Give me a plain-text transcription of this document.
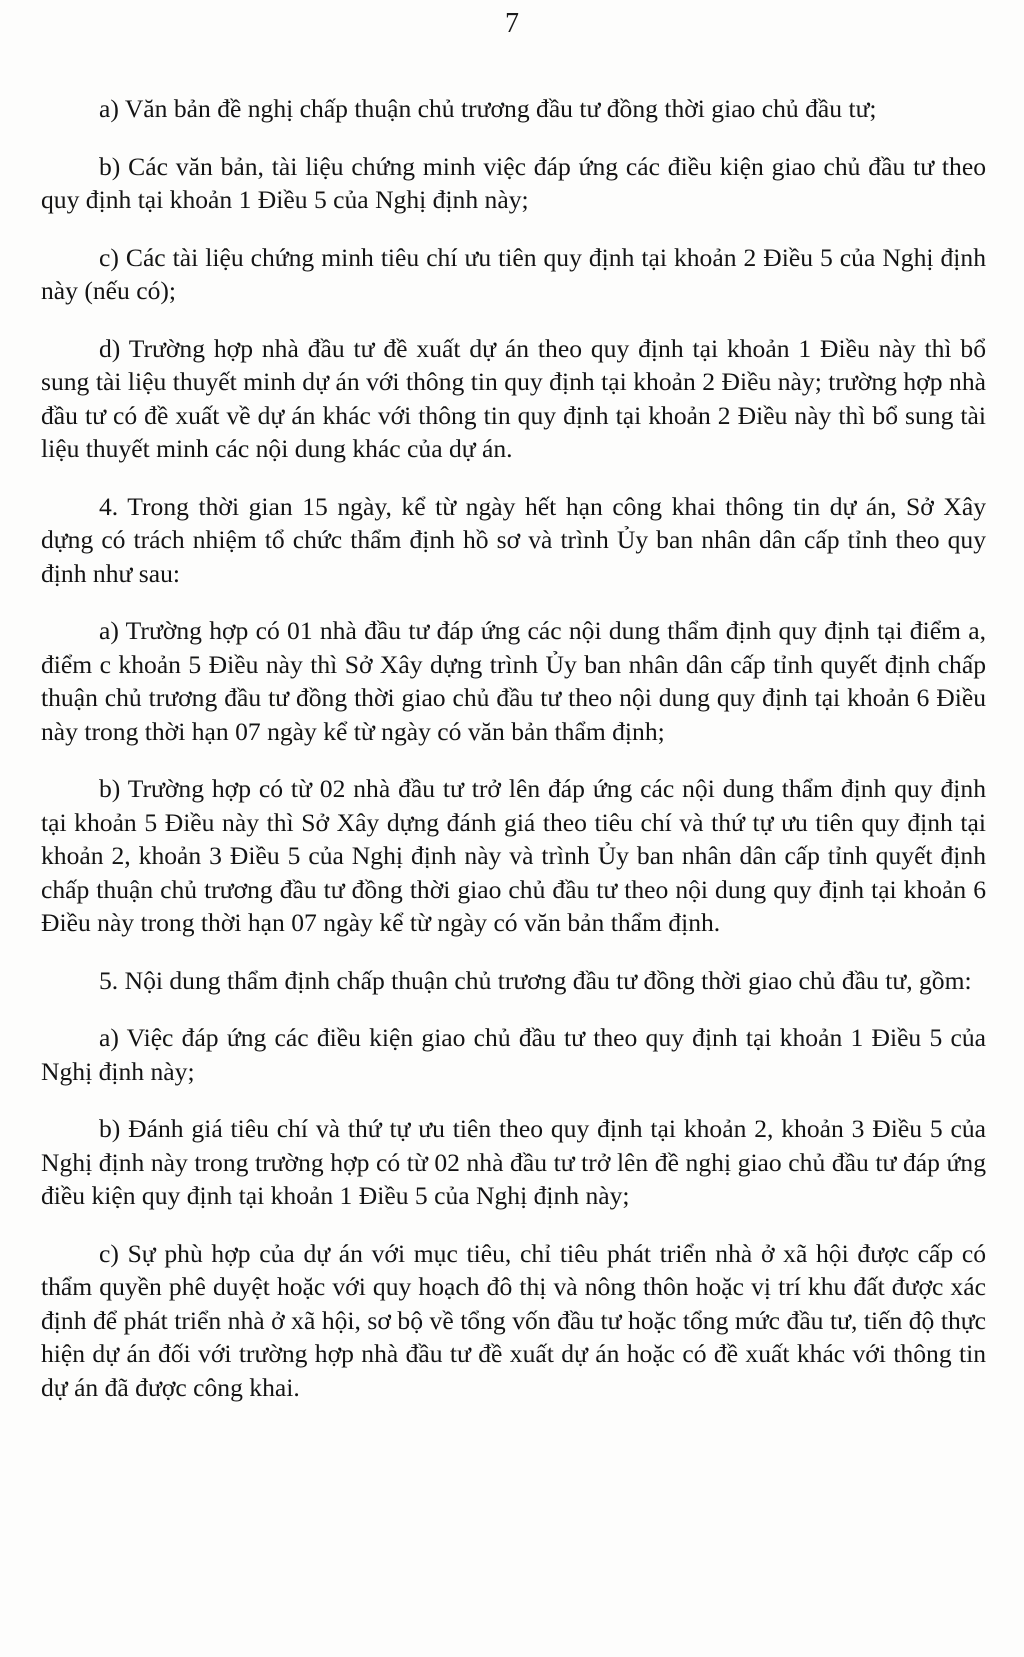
7

a) Văn bản đề nghị chấp thuận chủ trương đầu tư đồng thời giao chủ đầu tư;

b) Các văn bản, tài liệu chứng minh việc đáp ứng các điều kiện giao chủ đầu tư theo quy định tại khoản 1 Điều 5 của Nghị định này;

c) Các tài liệu chứng minh tiêu chí ưu tiên quy định tại khoản 2 Điều 5 của Nghị định này (nếu có);

d) Trường hợp nhà đầu tư đề xuất dự án theo quy định tại khoản 1 Điều này thì bổ sung tài liệu thuyết minh dự án với thông tin quy định tại khoản 2 Điều này; trường hợp nhà đầu tư có đề xuất về dự án khác với thông tin quy định tại khoản 2 Điều này thì bổ sung tài liệu thuyết minh các nội dung khác của dự án.

4. Trong thời gian 15 ngày, kể từ ngày hết hạn công khai thông tin dự án, Sở Xây dựng có trách nhiệm tổ chức thẩm định hồ sơ và trình Ủy ban nhân dân cấp tỉnh theo quy định như sau:

a) Trường hợp có 01 nhà đầu tư đáp ứng các nội dung thẩm định quy định tại điểm a, điểm c khoản 5 Điều này thì Sở Xây dựng trình Ủy ban nhân dân cấp tỉnh quyết định chấp thuận chủ trương đầu tư đồng thời giao chủ đầu tư theo nội dung quy định tại khoản 6 Điều này trong thời hạn 07 ngày kể từ ngày có văn bản thẩm định;

b) Trường hợp có từ 02 nhà đầu tư trở lên đáp ứng các nội dung thẩm định quy định tại khoản 5 Điều này thì Sở Xây dựng đánh giá theo tiêu chí và thứ tự ưu tiên quy định tại khoản 2, khoản 3 Điều 5 của Nghị định này và trình Ủy ban nhân dân cấp tỉnh quyết định chấp thuận chủ trương đầu tư đồng thời giao chủ đầu tư theo nội dung quy định tại khoản 6 Điều này trong thời hạn 07 ngày kể từ ngày có văn bản thẩm định.

5. Nội dung thẩm định chấp thuận chủ trương đầu tư đồng thời giao chủ đầu tư, gồm:

a) Việc đáp ứng các điều kiện giao chủ đầu tư theo quy định tại khoản 1 Điều 5 của Nghị định này;

b) Đánh giá tiêu chí và thứ tự ưu tiên theo quy định tại khoản 2, khoản 3 Điều 5 của Nghị định này trong trường hợp có từ 02 nhà đầu tư trở lên đề nghị giao chủ đầu tư đáp ứng điều kiện quy định tại khoản 1 Điều 5 của Nghị định này;

c) Sự phù hợp của dự án với mục tiêu, chỉ tiêu phát triển nhà ở xã hội được cấp có thẩm quyền phê duyệt hoặc với quy hoạch đô thị và nông thôn hoặc vị trí khu đất được xác định để phát triển nhà ở xã hội, sơ bộ về tổng vốn đầu tư hoặc tổng mức đầu tư, tiến độ thực hiện dự án đối với trường hợp nhà đầu tư đề xuất dự án hoặc có đề xuất khác với thông tin dự án đã được công khai.
